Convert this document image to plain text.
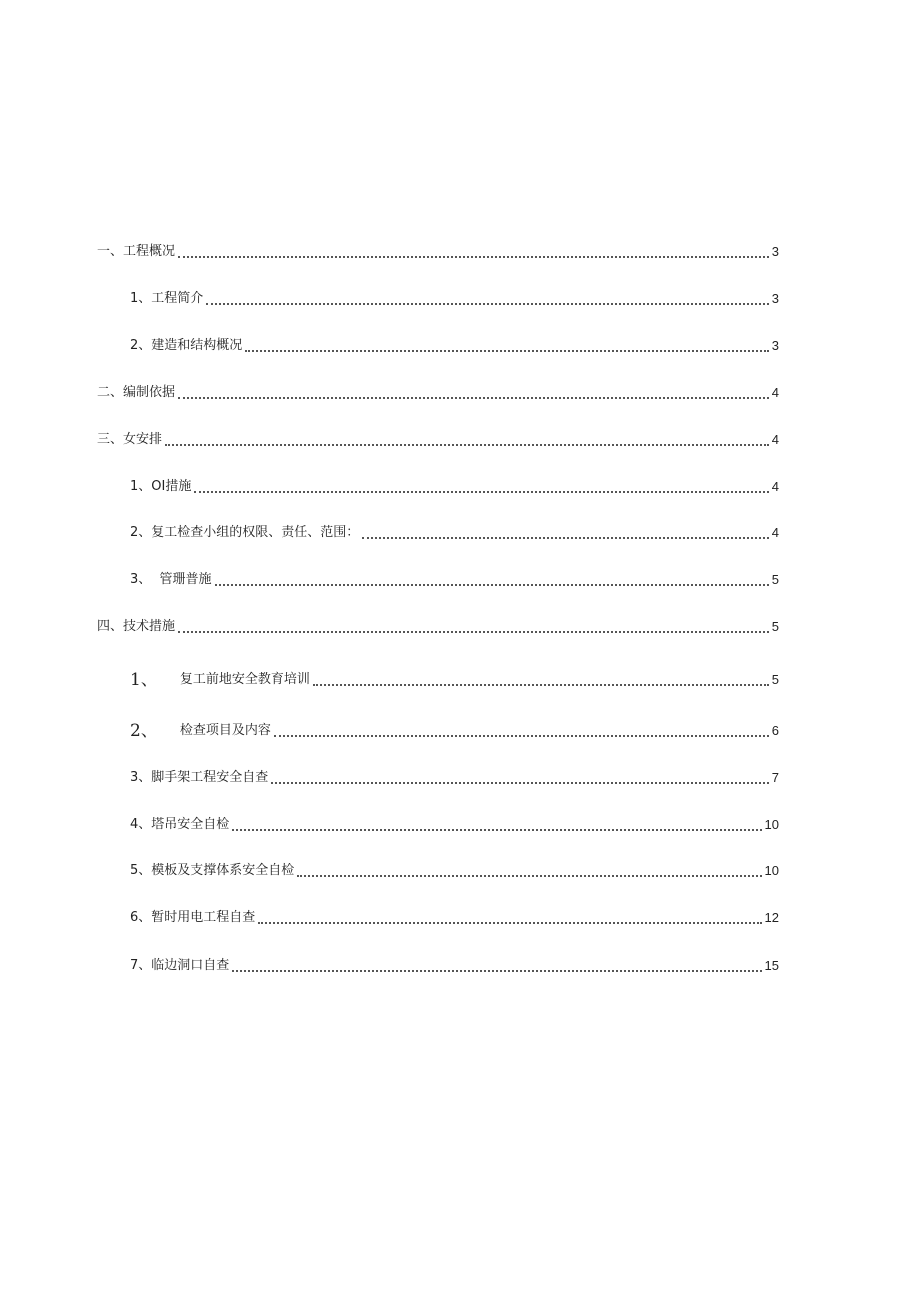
一、工程概况	3
1、工程简介	3
2、建造和结构概况	3
二、编制依据	4
三、女安排	4
1、OI措施	4
2、复工检查小组的权限、责任、范围：	4
3、  管珊普施	5
四、技术措施	5
1、 复工前地安全教育培训	5
2、 检查项目及内容	6
3、脚手架工程安全自查	7
4、塔吊安全自检	10
5、模板及支撑体系安全自检	10
6、暂时用电工程自查	12
7、临边洞口自查	15
